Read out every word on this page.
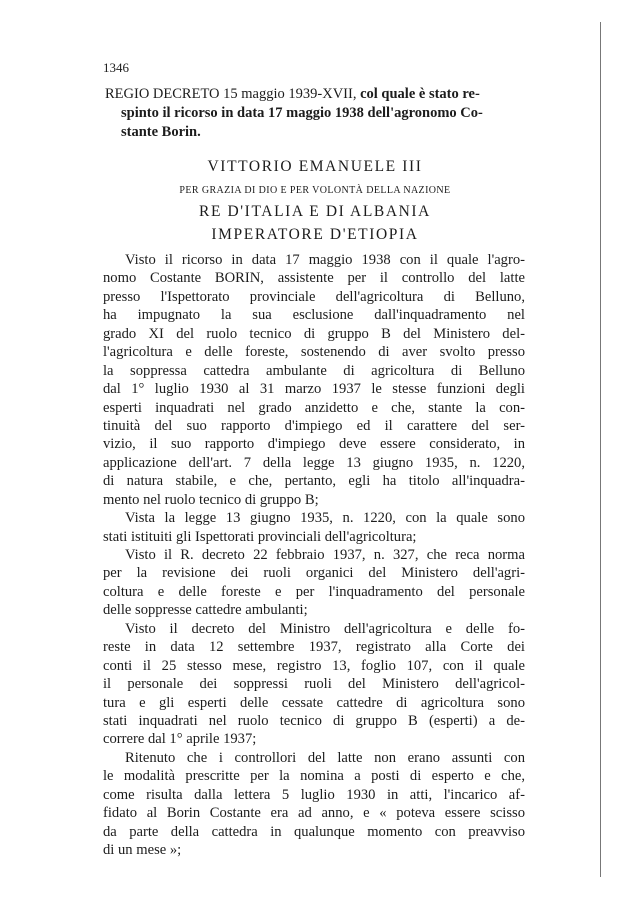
1346
REGIO DECRETO 15 maggio 1939-XVII, col quale è stato re-
spinto il ricorso in data 17 maggio 1938 dell'agronomo Co-
stante Borin.
VITTORIO EMANUELE III
PER GRAZIA DI DIO E PER VOLONTÀ DELLA NAZIONE
RE D'ITALIA E DI ALBANIA
IMPERATORE D'ETIOPIA
Visto il ricorso in data 17 maggio 1938 con il quale l'agro-
nomo Costante BORIN, assistente per il controllo del latte
presso l'Ispettorato provinciale dell'agricoltura di Belluno,
ha impugnato la sua esclusione dall'inquadramento nel
grado XI del ruolo tecnico di gruppo B del Ministero del-
l'agricoltura e delle foreste, sostenendo di aver svolto presso
la soppressa cattedra ambulante di agricoltura di Belluno
dal 1° luglio 1930 al 31 marzo 1937 le stesse funzioni degli
esperti inquadrati nel grado anzidetto e che, stante la con-
tinuità del suo rapporto d'impiego ed il carattere del ser-
vizio, il suo rapporto d'impiego deve essere considerato, in
applicazione dell'art. 7 della legge 13 giugno 1935, n. 1220,
di natura stabile, e che, pertanto, egli ha titolo all'inquadra-
mento nel ruolo tecnico di gruppo B;
Vista la legge 13 giugno 1935, n. 1220, con la quale sono
stati istituiti gli Ispettorati provinciali dell'agricoltura;
Visto il R. decreto 22 febbraio 1937, n. 327, che reca norma
per la revisione dei ruoli organici del Ministero dell'agri-
coltura e delle foreste e per l'inquadramento del personale
delle soppresse cattedre ambulanti;
Visto il decreto del Ministro dell'agricoltura e delle fo-
reste in data 12 settembre 1937, registrato alla Corte dei
conti il 25 stesso mese, registro 13, foglio 107, con il quale
il personale dei soppressi ruoli del Ministero dell'agricol-
tura e gli esperti delle cessate cattedre di agricoltura sono
stati inquadrati nel ruolo tecnico di gruppo B (esperti) a de-
correre dal 1° aprile 1937;
Ritenuto che i controllori del latte non erano assunti con
le modalità prescritte per la nomina a posti di esperto e che,
come risulta dalla lettera 5 luglio 1930 in atti, l'incarico af-
fidato al Borin Costante era ad anno, e « poteva essere scisso
da parte della cattedra in qualunque momento con preavviso
di un mese »;
